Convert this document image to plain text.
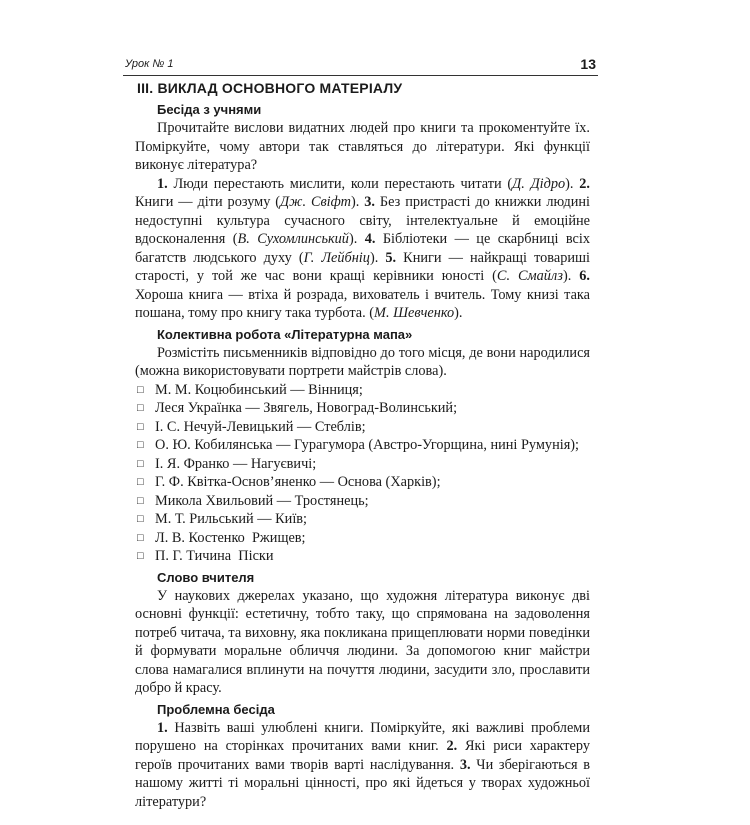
Урок № 1	13
ІІІ. ВИКЛАД ОСНОВНОГО МАТЕРІАЛУ
Бесіда з учнями

Прочитайте вислови видатних людей про книги та прокоментуйте їх. Поміркуйте, чому автори так ставляться до літератури. Які функції виконує література?

1. Люди перестають мислити, коли перестають читати (Д. Дідро). 2. Книги — діти розуму (Дж. Свіфт). 3. Без пристрасті до книжки людині недоступні культура сучасного світу, інтелектуальне й емоційне вдосконалення (В. Сухомлинський). 4. Бібліотеки — це скарбниці всіх багатств людського духу (Г. Лейбніц). 5. Книги — найкращі товариші старості, у той же час вони кращі керівники юності (С. Смайлз). 6. Хороша книга — втіха й розрада, вихователь і вчитель. Тому книзі така пошана, тому про книгу така турбота. (М. Шевченко).

Колективна робота «Літературна мапа»

Розмістіть письменників відповідно до того місця, де вони народилися (можна використовувати портрети майстрів слова).

□ М. М. Коцюбинський — Вінниця;
□ Леся Українка — Звягель, Новоград-Волинський;
□ І. С. Нечуй-Левицький — Стеблів;
□ О. Ю. Кобилянська — Гурагумора (Австро-Угорщина, нині Румунія);
□ І. Я. Франко — Нагуєвичі;
□ Г. Ф. Квітка-Основ’яненко — Основа (Харків);
□ Микола Хвильовий — Тростянець;
□ М. Т. Рильський — Київ;
□ Л. В. Костенко  Ржищев;
□ П. Г. Тичина  Піски
Слово вчителя

У наукових джерелах указано, що художня література виконує дві основні функції: естетичну, тобто таку, що спрямована на задоволення потреб читача, та виховну, яка покликана прищеплювати норми поведінки й формувати моральне обличчя людини. За допомогою книг майстри слова намагалися вплинути на почуття людини, засудити зло, прославити добро й красу.

Проблемна бесіда

1. Назвіть ваші улюблені книги. Поміркуйте, які важливі проблеми порушено на сторінках прочитаних вами книг. 2. Які риси характеру героїв прочитаних вами творів варті наслідування. 3. Чи зберігаються в нашому житті ті моральні цінності, про які йдеться у творах художньої літератури?
